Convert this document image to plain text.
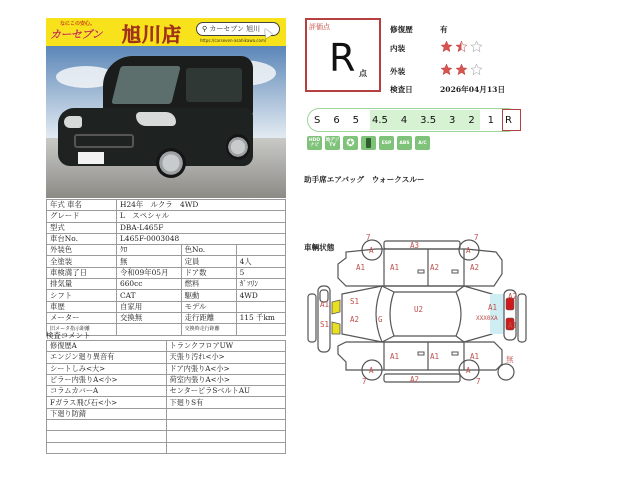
なにこの安心。
カーセブン 旭川店	⚲ カーセブン 旭川
https://carseven-asahikawa.com/
年式 車名	H24年　ルクラ　4WD		
グレード	L　スペシャル		
型式	DBA-L465F		
車台No.	L465F-0003048		
外装色	ｸﾛ	色No.	
全塗装	無	定員	4人
車検満了日	令和09年05月	ドア数	5
排気量	660cc	燃料	ｶﾞｿﾘﾝ
シフト	CAT	駆動	4WD
車歴	自家用	モデル	
メーター	交換無	走行距離	115 千km
旧メータ指示距離		交換時走行距離	
検査コメント
修復歴A	トランクフロアUW
エンジン廻り異音有	天張り汚れ<小>
シートしみ<大>	ドア内張りA<小>
ピラー内張りA<小>	荷室内張りA<小>
コラムカバーA	センターピラSベルトAU
Fガラス飛び石<小>	下廻りS有
下廻り防錆	

評価点
R 点
修復歴	有
内装
外装
検査日	2026年04月13日
S 6 5 4.5 4 3.5 3 2 1 R
HDD ナビ
地デジ TV	✪	ESP	ABS	A/C
助手席エアバッグ　ウォークスルー
車輌状態	A3
7	7
A	A
A1	A1	A2	A2
A1
S1
S1
A2	G
U2	A1
XXX0XA
A2
A1
A1	A1	A1
A	A
A2
7	7
無
